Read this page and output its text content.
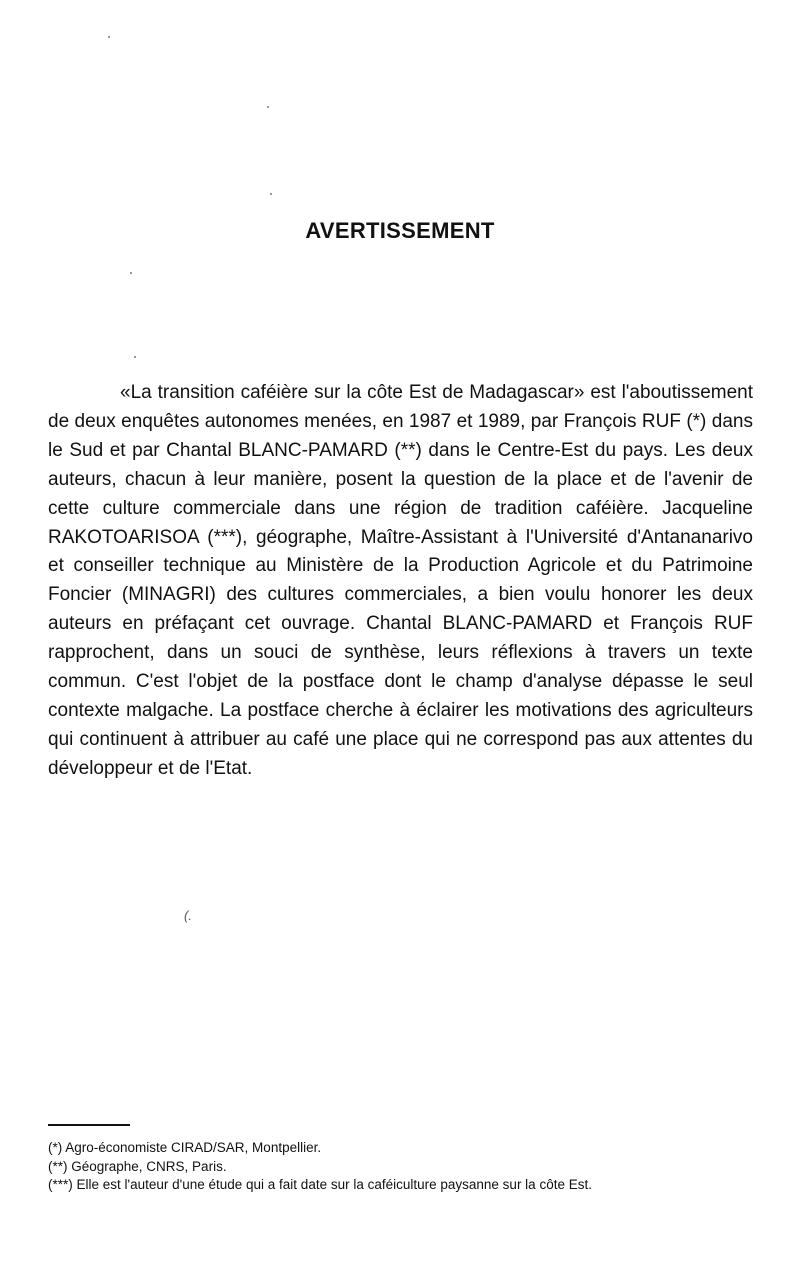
AVERTISSEMENT

«La transition caféière sur la côte Est de Madagascar» est l'aboutissement de deux enquêtes autonomes menées, en 1987 et 1989, par François RUF (*) dans le Sud et par Chantal BLANC-PAMARD (**) dans le Centre-Est du pays. Les deux auteurs, chacun à leur manière, posent la question de la place et de l'avenir de cette culture commerciale dans une région de tradition caféière. Jacqueline RAKOTOARISOA (***), géographe, Maître-Assistant à l'Université d'Antananarivo et conseiller technique au Ministère de la Production Agricole et du Patrimoine Foncier (MINAGRI) des cultures commerciales, a bien voulu honorer les deux auteurs en préfaçant cet ouvrage. Chantal BLANC-PAMARD et François RUF rapprochent, dans un souci de synthèse, leurs réflexions à travers un texte commun. C'est l'objet de la postface dont le champ d'analyse dépasse le seul contexte malgache. La postface cherche à éclairer les motivations des agriculteurs qui continuent à attribuer au café une place qui ne correspond pas aux attentes du développeur et de l'Etat.

(.
(*) Agro-économiste CIRAD/SAR, Montpellier.
(**) Géographe, CNRS, Paris.
(***) Elle est l'auteur d'une étude qui a fait date sur la caféiculture paysanne sur la côte Est.
